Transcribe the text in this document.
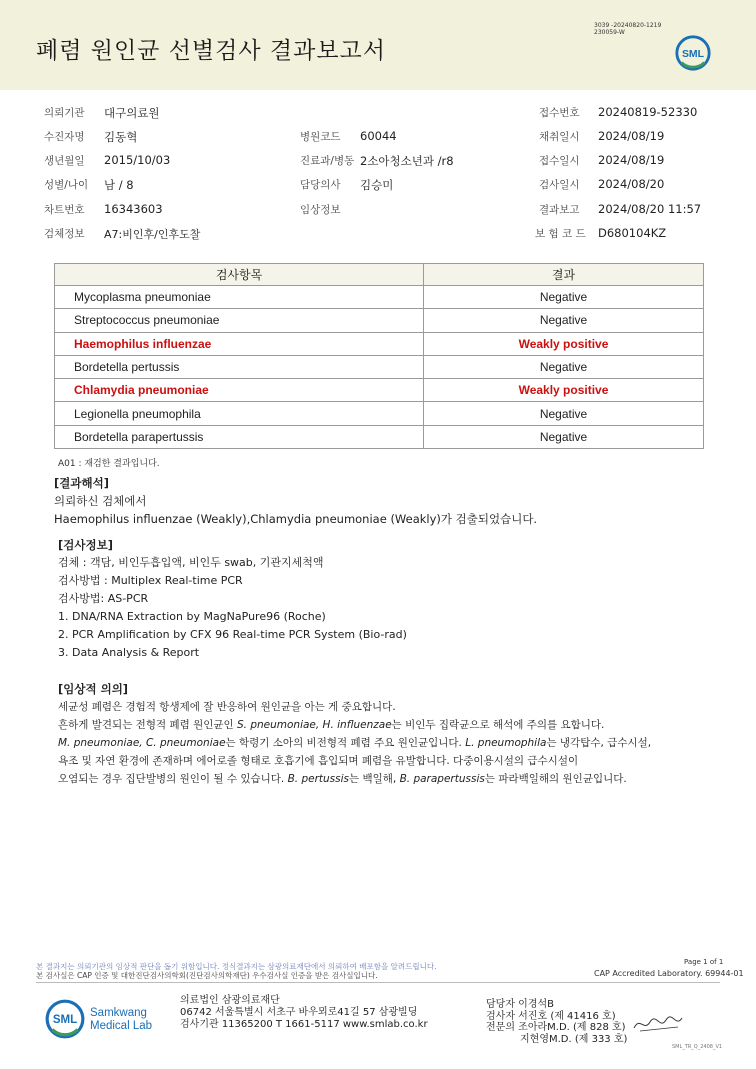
폐렴 원인균 선별검사 결과보고서
3039 -20240820-1219
230059-W
SML
의뢰기관 대구의료원	접수번호 20240819-52330
수진자명 김동혁	병원코드 60044	채취일시 2024/08/19
생년월일 2015/10/03	진료과/병동 2소아청소년과 /r8	접수일시 2024/08/19
성별/나이 남 / 8	담당의사 김승미	검사일시 2024/08/20
차트번호 16343603	임상정보	결과보고 2024/08/20 11:57
검체정보 A7:비인후/인후도찰	보 험 코 드 D680104KZ
검사항목	결과
Mycoplasma pneumoniae	Negative
Streptococcus pneumoniae	Negative
Haemophilus influenzae	Weakly positive
Bordetella pertussis	Negative
Chlamydia pneumoniae	Weakly positive
Legionella pneumophila	Negative
Bordetella parapertussis	Negative
A01 : 재검한 결과입니다.
[결과해석]
의뢰하신 검체에서
Haemophilus influenzae (Weakly),Chlamydia pneumoniae (Weakly)가 검출되었습니다.
[검사정보]
검체 : 객담, 비인두흡입액, 비인두 swab, 기관지세척액
검사방법 : Multiplex Real-time PCR
검사방법: AS-PCR
1. DNA/RNA Extraction by MagNaPure96 (Roche)
2. PCR Amplification by CFX 96 Real-time PCR System (Bio-rad)
3. Data Analysis & Report
[임상적 의의]

세균성 폐렴은 경험적 항생제에 잘 반응하여 원인균을 아는 게 중요합니다.

흔하게 발견되는 전형적 폐렴 원인균인 S. pneumoniae, H. influenzae는 비인두 집락균으로 해석에 주의를 요합니다.

M. pneumoniae, C. pneumoniae는 학령기 소아의 비전형적 폐렴 주요 원인균입니다. L. pneumophila는 냉각탑수, 급수시설,

욕조 및 자연 환경에 존재하며 에어로졸 형태로 호흡기에 흡입되며 폐렴을 유발합니다. 다중이용시설의 급수시설이

오염되는 경우 집단발병의 원인이 될 수 있습니다. B. pertussis는 백일해, B. parapertussis는 파라백일해의 원인균입니다.

본 결과지는 의뢰기관의 임상적 판단을 돕기 위함입니다. 정식결과지는 삼광의료재단에서 의뢰하여 배포함을 알려드립니다.
본 검사실은 CAP 인증 및 대한진단검사의학회(진단검사의학재단) 우수검사실 인증을 받은 검사실입니다.
Page 1 of 1
CAP Accredited Laboratory. 69944-01
SML
Samkwang
Medical Lab
의료법인 삼광의료재단
06742 서울특별시 서초구 바우뫼로41길 57 삼광빌딩
검사기관 11365200 T 1661-5117 www.smlab.co.kr
담당자 이경석B
검사자 서진호 (제 41416 호)
전문의 조아라M.D. (제 828 호)
지현영M.D. (제 333 호)
SML_TR_Q_2408_V1
